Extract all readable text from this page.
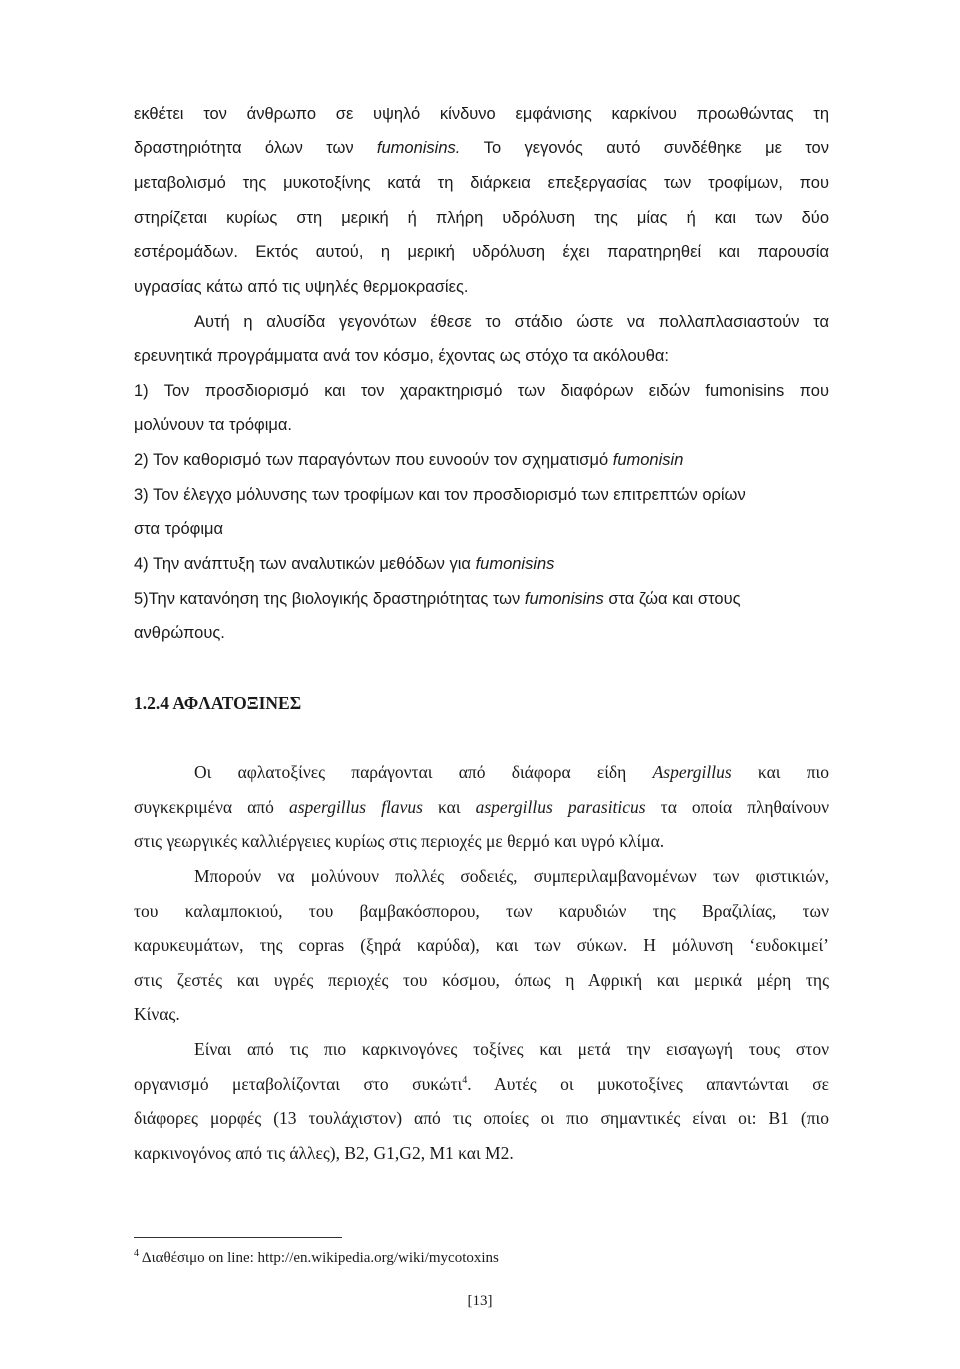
εκθέτει τον άνθρωπο σε υψηλό κίνδυνο εμφάνισης καρκίνου προωθώντας τη
δραστηριότητα όλων των fumonisins. Το γεγονός αυτό συνδέθηκε με τον
μεταβολισμό της μυκοτοξίνης κατά τη διάρκεια επεξεργασίας των τροφίμων, που
στηρίζεται κυρίως στη μερική ή πλήρη υδρόλυση της μίας ή και των δύο
εστέρομάδων. Εκτός αυτού, η μερική υδρόλυση έχει παρατηρηθεί και παρουσία
υγρασίας κάτω από τις υψηλές θερμοκρασίες.
Αυτή η αλυσίδα γεγονότων έθεσε το στάδιο ώστε να πολλαπλασιαστούν τα
ερευνητικά προγράμματα ανά τον κόσμο, έχοντας ως στόχο τα ακόλουθα:
1) Τον προσδιορισμό και τον χαρακτηρισμό των διαφόρων ειδών fumonisins που
μολύνουν τα τρόφιμα.
2) Τον καθορισμό των παραγόντων που ευνοούν τον σχηματισμό fumonisin
3) Τον έλεγχο μόλυνσης των τροφίμων και τον προσδιορισμό των επιτρεπτών ορίων
στα τρόφιμα
4) Την ανάπτυξη των αναλυτικών μεθόδων για fumonisins
5)Την κατανόηση της βιολογικής δραστηριότητας των fumonisins στα ζώα και στους
ανθρώπους.
1.2.4 ΑΦΛΑΤΟΞΙΝΕΣ
Οι αφλατοξίνες παράγονται από διάφορα είδη Aspergillus και πιο
συγκεκριμένα από aspergillus flavus και aspergillus parasiticus τα οποία πληθαίνουν
στις γεωργικές καλλιέργειες κυρίως στις περιοχές με θερμό και υγρό κλίμα.
Μπορούν να μολύνουν πολλές σοδειές, συμπεριλαμβανομένων των φιστικιών,
του καλαμποκιού, του βαμβακόσπορου, των καρυδιών της Βραζιλίας, των
καρυκευμάτων, της copras (ξηρά καρύδα), και των σύκων. Η μόλυνση ‘ευδοκιμεί’
στις ζεστές και υγρές περιοχές του κόσμου, όπως η Αφρική και μερικά μέρη της
Κίνας.
Είναι από τις πιο καρκινογόνες τοξίνες και μετά την εισαγωγή τους στον
οργανισμό μεταβολίζονται στο συκώτι$^4$. Αυτές οι μυκοτοξίνες απαντώνται σε
διάφορες μορφές (13 τουλάχιστον) από τις οποίες οι πιο σημαντικές είναι οι: Β1 (πιο
καρκινογόνος από τις άλλες), Β2, G1,G2, Μ1 και Μ2.
$^4$ Διαθέσιμο on line: http://en.wikipedia.org/wiki/mycotoxins
[13]
